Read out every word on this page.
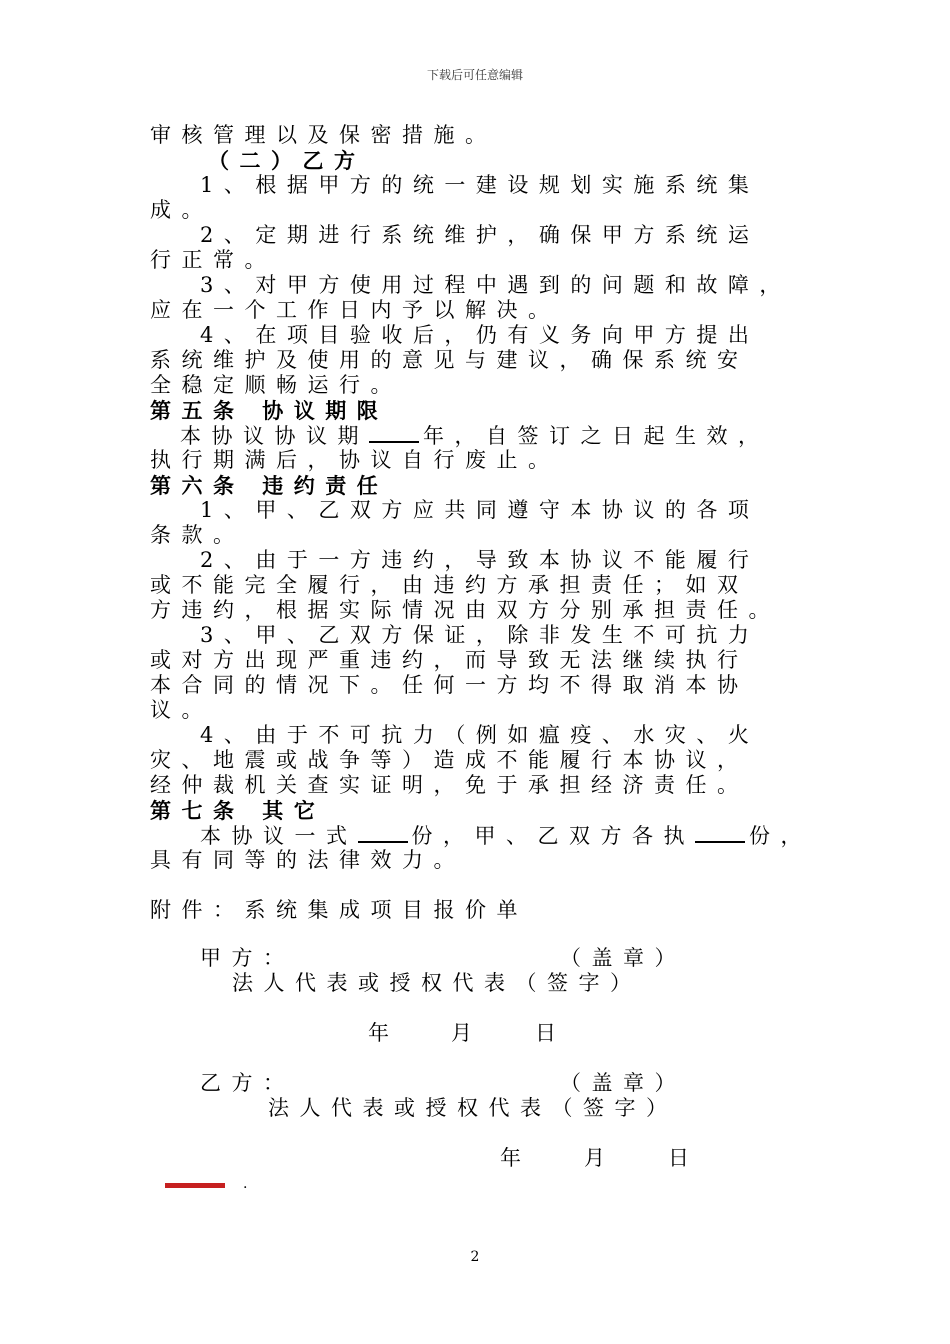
下载后可任意编辑
审核管理以及保密措施。
（二）乙方
1、根据甲方的统一建设规划实施系统集
成。
2、定期进行系统维护，确保甲方系统运
行正常。
3、对甲方使用过程中遇到的问题和故障，
应在一个工作日内予以解决。
4、在项目验收后，仍有义务向甲方提出
系统维护及使用的意见与建议，确保系统安
全稳定顺畅运行。
第五条 协议期限
本协议协议期	年，自签订之日起生效，
执行期满后，协议自行废止。
第六条 违约责任
1、甲、乙双方应共同遵守本协议的各项
条款。
2、由于一方违约，导致本协议不能履行
或不能完全履行，由违约方承担责任；如双
方违约，根据实际情况由双方分别承担责任。
3、甲、乙双方保证，除非发生不可抗力
或对方出现严重违约，而导致无法继续执行
本合同的情况下。任何一方均不得取消本协
议。
4、由于不可抗力（例如瘟疫、水灾、火
灾、地震或战争等）造成不能履行本协议，
经仲裁机关查实证明，免于承担经济责任。
第七条 其它
本协议一式	份，甲、乙双方各执	份，
具有同等的法律效力。
附件：系统集成项目报价单
甲方：	（盖章）
法人代表或授权代表（签字）
年 月	日
乙方：	（盖章）
法人代表或授权代表（签字）
年	月	日
.
2
